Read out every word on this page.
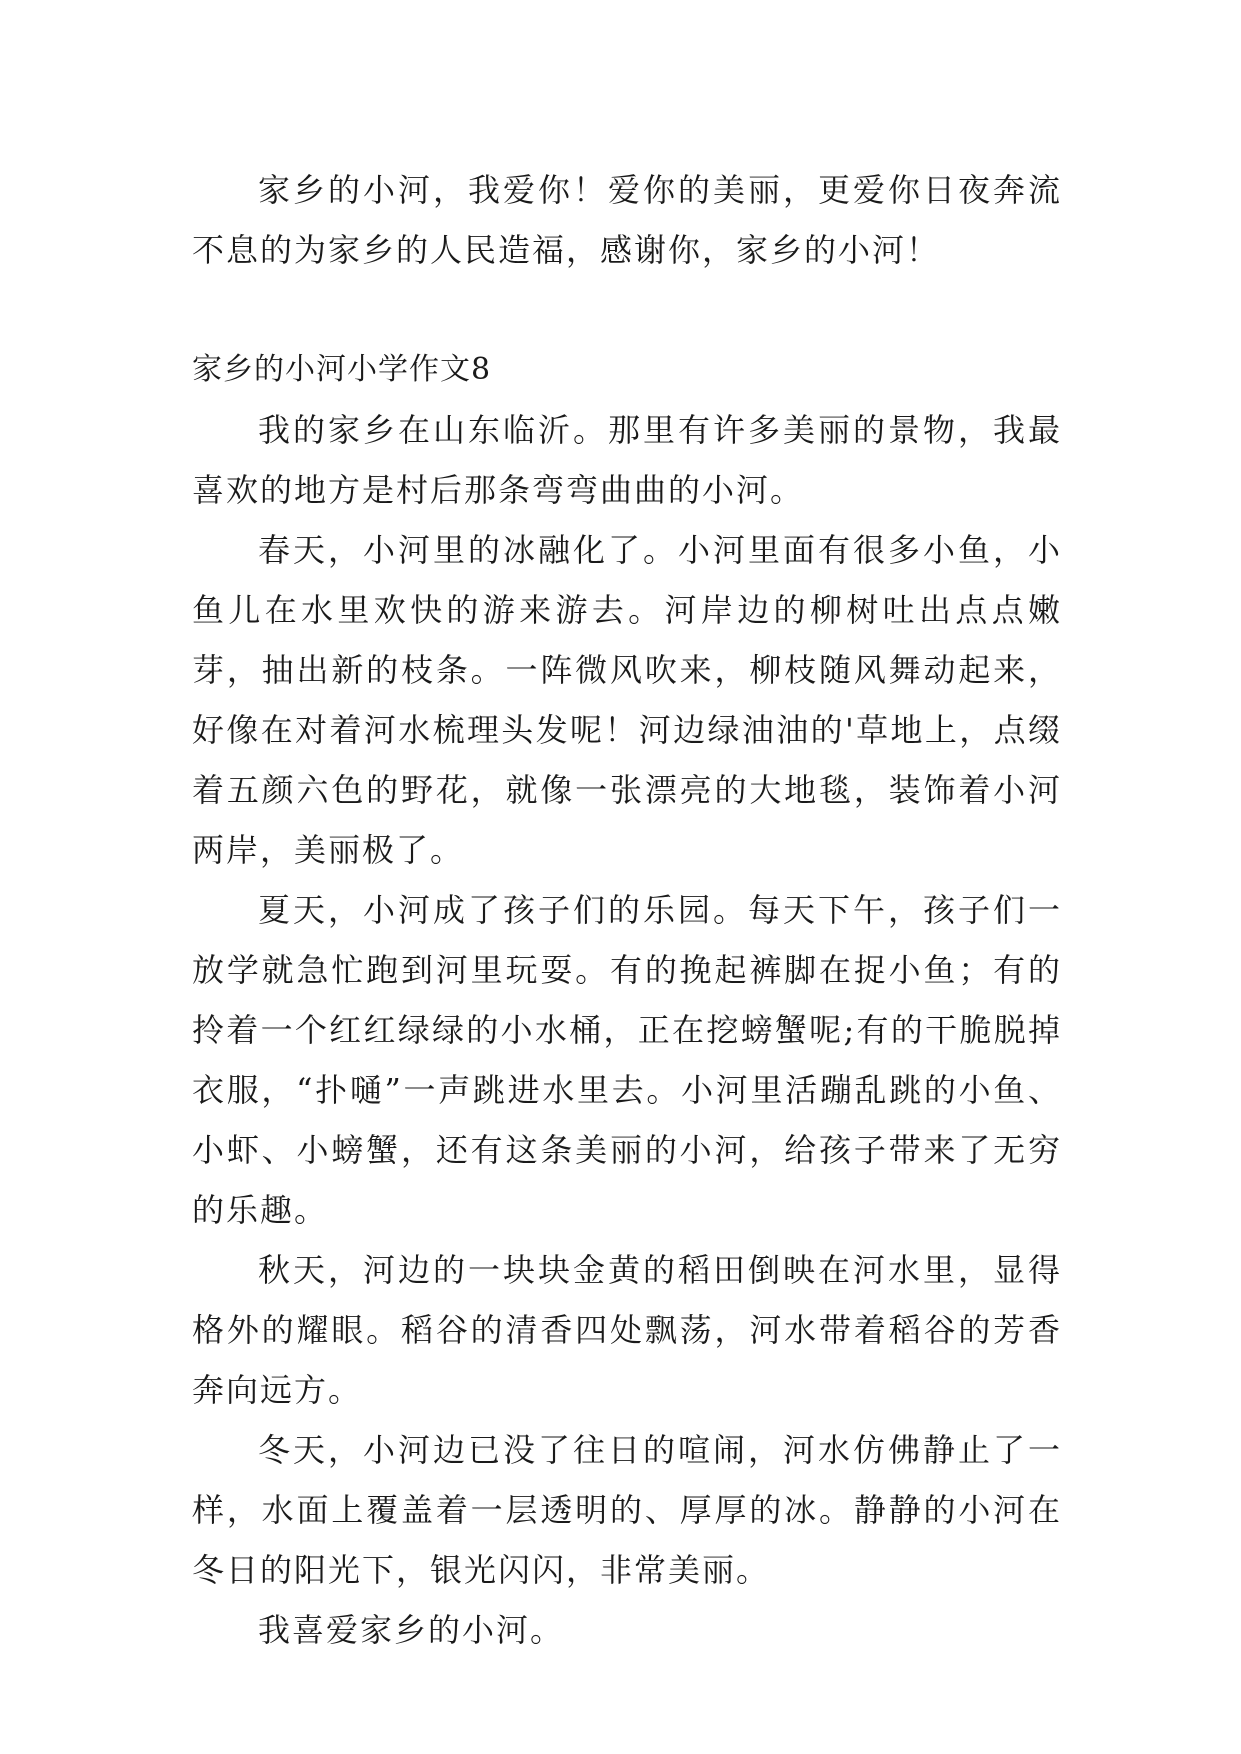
家乡的小河，我爱你！爱你的美丽，更爱你日夜奔流不息的为家乡的人民造福，感谢你，家乡的小河！

家乡的小河小学作文8

我的家乡在山东临沂。那里有许多美丽的景物，我最喜欢的地方是村后那条弯弯曲曲的小河。

春天，小河里的冰融化了。小河里面有很多小鱼，小鱼儿在水里欢快的游来游去。河岸边的柳树吐出点点嫩芽，抽出新的枝条。一阵微风吹来，柳枝随风舞动起来，好像在对着河水梳理头发呢！河边绿油油的'草地上，点缀着五颜六色的野花，就像一张漂亮的大地毯，装饰着小河两岸，美丽极了。

夏天，小河成了孩子们的乐园。每天下午，孩子们一放学就急忙跑到河里玩耍。有的挽起裤脚在捉小鱼；有的拎着一个红红绿绿的小水桶，正在挖螃蟹呢;有的干脆脱掉衣服，“扑嗵”一声跳进水里去。小河里活蹦乱跳的小鱼、小虾、小螃蟹，还有这条美丽的小河，给孩子带来了无穷的乐趣。

秋天，河边的一块块金黄的稻田倒映在河水里，显得格外的耀眼。稻谷的清香四处飘荡，河水带着稻谷的芳香奔向远方。

冬天，小河边已没了往日的喧闹，河水仿佛静止了一样，水面上覆盖着一层透明的、厚厚的冰。静静的小河在冬日的阳光下，银光闪闪，非常美丽。

我喜爱家乡的小河。
